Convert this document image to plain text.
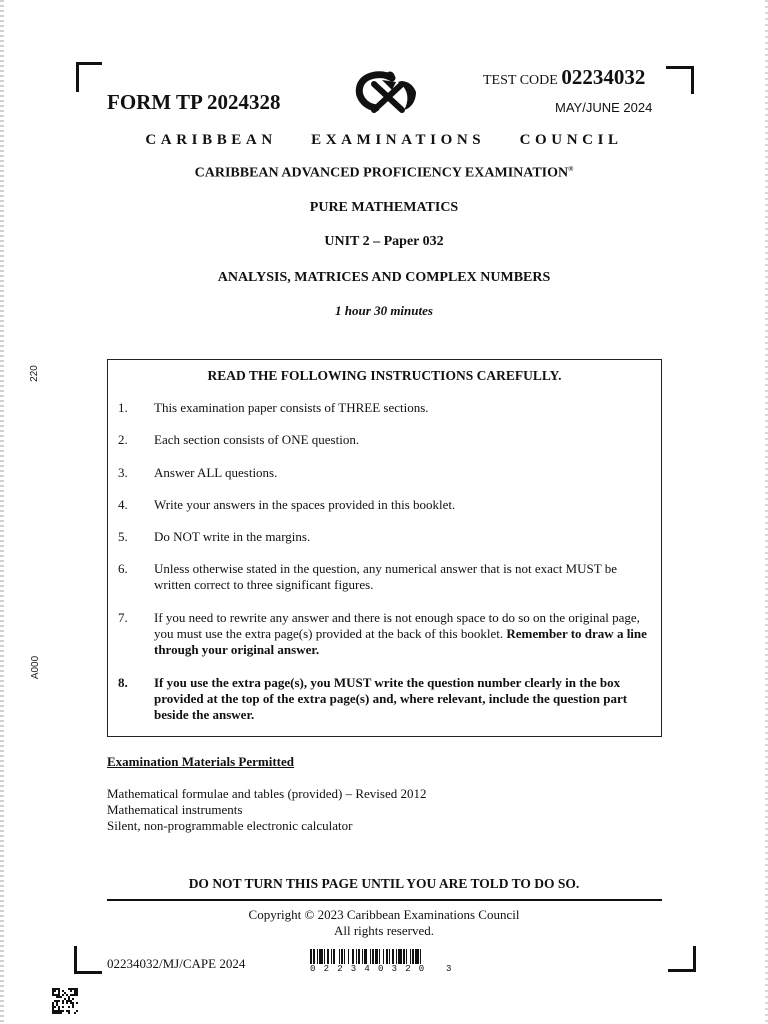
220
A000
FORM TP 2024328
TEST CODE 02234032
MAY/JUNE 2024
CARIBBEAN EXAMINATIONS COUNCIL
CARIBBEAN ADVANCED PROFICIENCY EXAMINATION®
PURE MATHEMATICS
UNIT 2 – Paper 032
ANALYSIS, MATRICES AND COMPLEX NUMBERS
1 hour 30 minutes
READ THE FOLLOWING INSTRUCTIONS CAREFULLY.
1.	This examination paper consists of THREE sections.
2.	Each section consists of ONE question.
3.	Answer ALL questions.
4.	Write your answers in the spaces provided in this booklet.
5.	Do NOT write in the margins.
6.	Unless otherwise stated in the question, any numerical answer that is not exact MUST be written correct to three significant figures.
7.	If you need to rewrite any answer and there is not enough space to do so on the original page, you must use the extra page(s) provided at the back of this booklet. Remember to draw a line through your original answer.
8.	If you use the extra page(s), you MUST write the question number clearly in the box provided at the top of the extra page(s) and, where relevant, include the question part beside the answer.
Examination Materials Permitted
Mathematical formulae and tables (provided) – Revised 2012
Mathematical instruments
Silent, non-programmable electronic calculator
DO NOT TURN THIS PAGE UNTIL YOU ARE TOLD TO DO SO.
Copyright © 2023 Caribbean Examinations Council
All rights reserved.
02234032/MJ/CAPE 2024	022340320 3
